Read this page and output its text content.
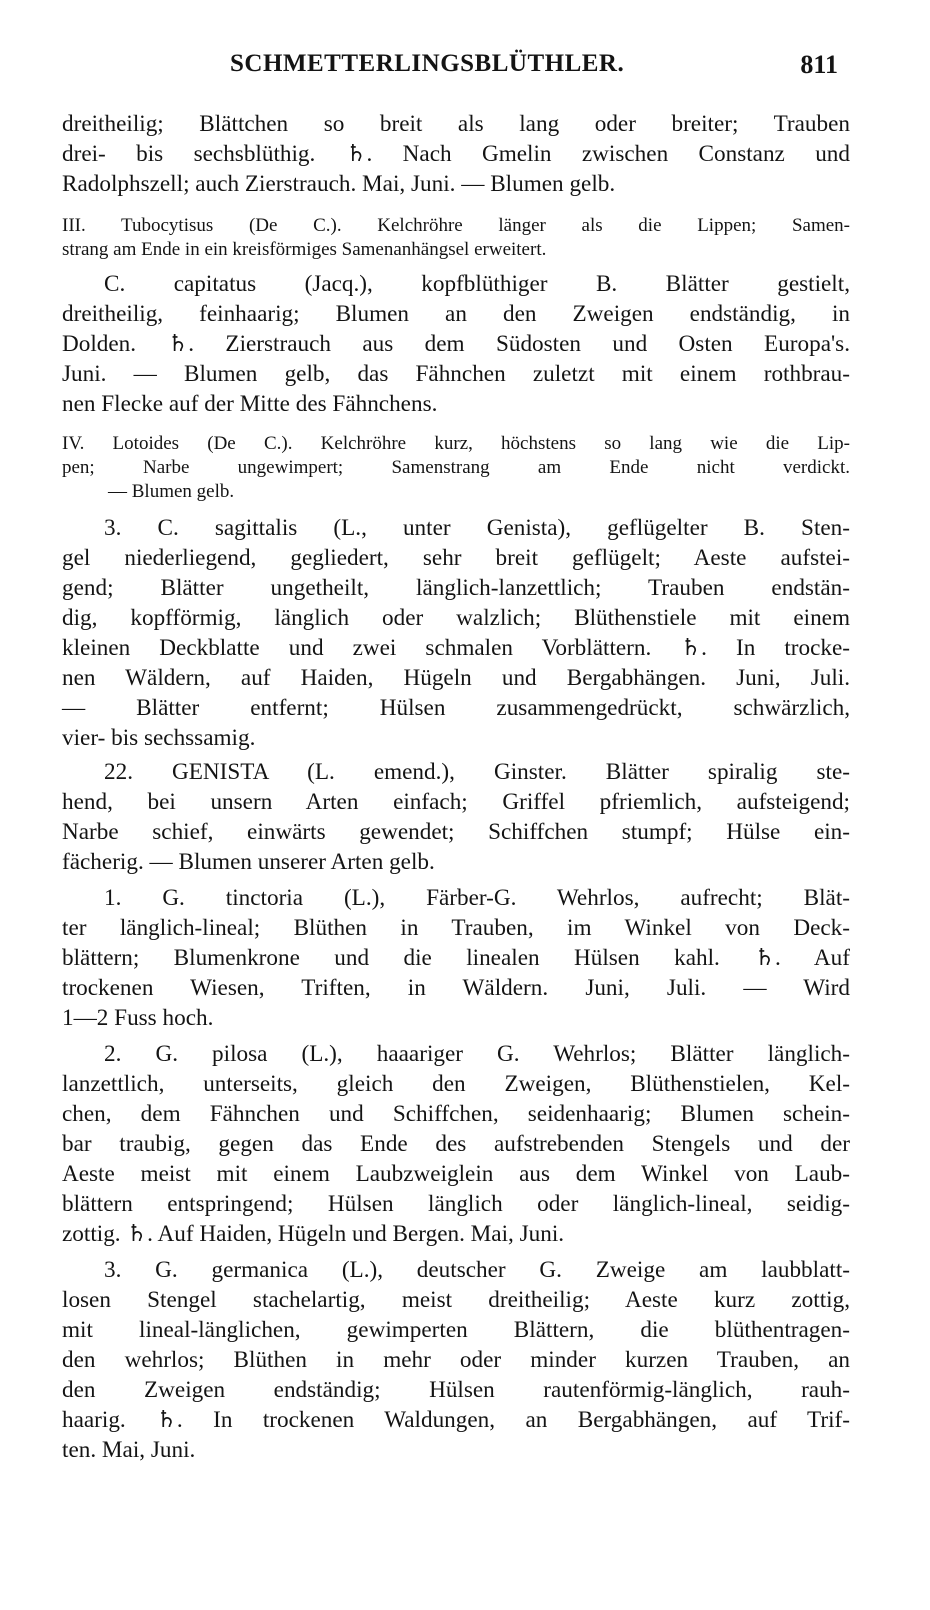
SCHMETTERLINGSBLÜTHLER.	811
dreitheilig; Blättchen so breit als lang oder breiter; Trauben
drei- bis sechsblüthig. ♄. Nach Gmelin zwischen Constanz und
Radolphszell; auch Zierstrauch. Mai, Juni. — Blumen gelb.
III. Tubocytisus (De C.). Kelchröhre länger als die Lippen; Samen-
strang am Ende in ein kreisförmiges Samenanhängsel erweitert.
C. capitatus (Jacq.), kopfblüthiger B. Blätter gestielt,
dreitheilig, feinhaarig; Blumen an den Zweigen endständig, in
Dolden. ♄. Zierstrauch aus dem Südosten und Osten Europa's.
Juni. — Blumen gelb, das Fähnchen zuletzt mit einem rothbrau-
nen Flecke auf der Mitte des Fähnchens.
IV. Lotoides (De C.). Kelchröhre kurz, höchstens so lang wie die Lip-
pen; Narbe ungewimpert; Samenstrang am Ende nicht verdickt.
— Blumen gelb.
3. C. sagittalis (L., unter Genista), geflügelter B. Sten-
gel niederliegend, gegliedert, sehr breit geflügelt; Aeste aufstei-
gend; Blätter ungetheilt, länglich-lanzettlich; Trauben endstän-
dig, kopfförmig, länglich oder walzlich; Blüthenstiele mit einem
kleinen Deckblatte und zwei schmalen Vorblättern. ♄. In trocke-
nen Wäldern, auf Haiden, Hügeln und Bergabhängen. Juni, Juli.
— Blätter entfernt; Hülsen zusammengedrückt, schwärzlich,
vier- bis sechssamig.
22. GENISTA (L. emend.), Ginster. Blätter spiralig ste-
hend, bei unsern Arten einfach; Griffel pfriemlich, aufsteigend;
Narbe schief, einwärts gewendet; Schiffchen stumpf; Hülse ein-
fächerig. — Blumen unserer Arten gelb.
1. G. tinctoria (L.), Färber-G. Wehrlos, aufrecht; Blät-
ter länglich-lineal; Blüthen in Trauben, im Winkel von Deck-
blättern; Blumenkrone und die linealen Hülsen kahl. ♄. Auf
trockenen Wiesen, Triften, in Wäldern. Juni, Juli. — Wird
1—2 Fuss hoch.
2. G. pilosa (L.), haaariger G. Wehrlos; Blätter länglich-
lanzettlich, unterseits, gleich den Zweigen, Blüthenstielen, Kel-
chen, dem Fähnchen und Schiffchen, seidenhaarig; Blumen schein-
bar traubig, gegen das Ende des aufstrebenden Stengels und der
Aeste meist mit einem Laubzweiglein aus dem Winkel von Laub-
blättern entspringend; Hülsen länglich oder länglich-lineal, seidig-
zottig. ♄. Auf Haiden, Hügeln und Bergen. Mai, Juni.
3. G. germanica (L.), deutscher G. Zweige am laubblatt-
losen Stengel stachelartig, meist dreitheilig; Aeste kurz zottig,
mit lineal-länglichen, gewimperten Blättern, die blüthentragen-
den wehrlos; Blüthen in mehr oder minder kurzen Trauben, an
den Zweigen endständig; Hülsen rautenförmig-länglich, rauh-
haarig. ♄. In trockenen Waldungen, an Bergabhängen, auf Trif-
ten. Mai, Juni.
